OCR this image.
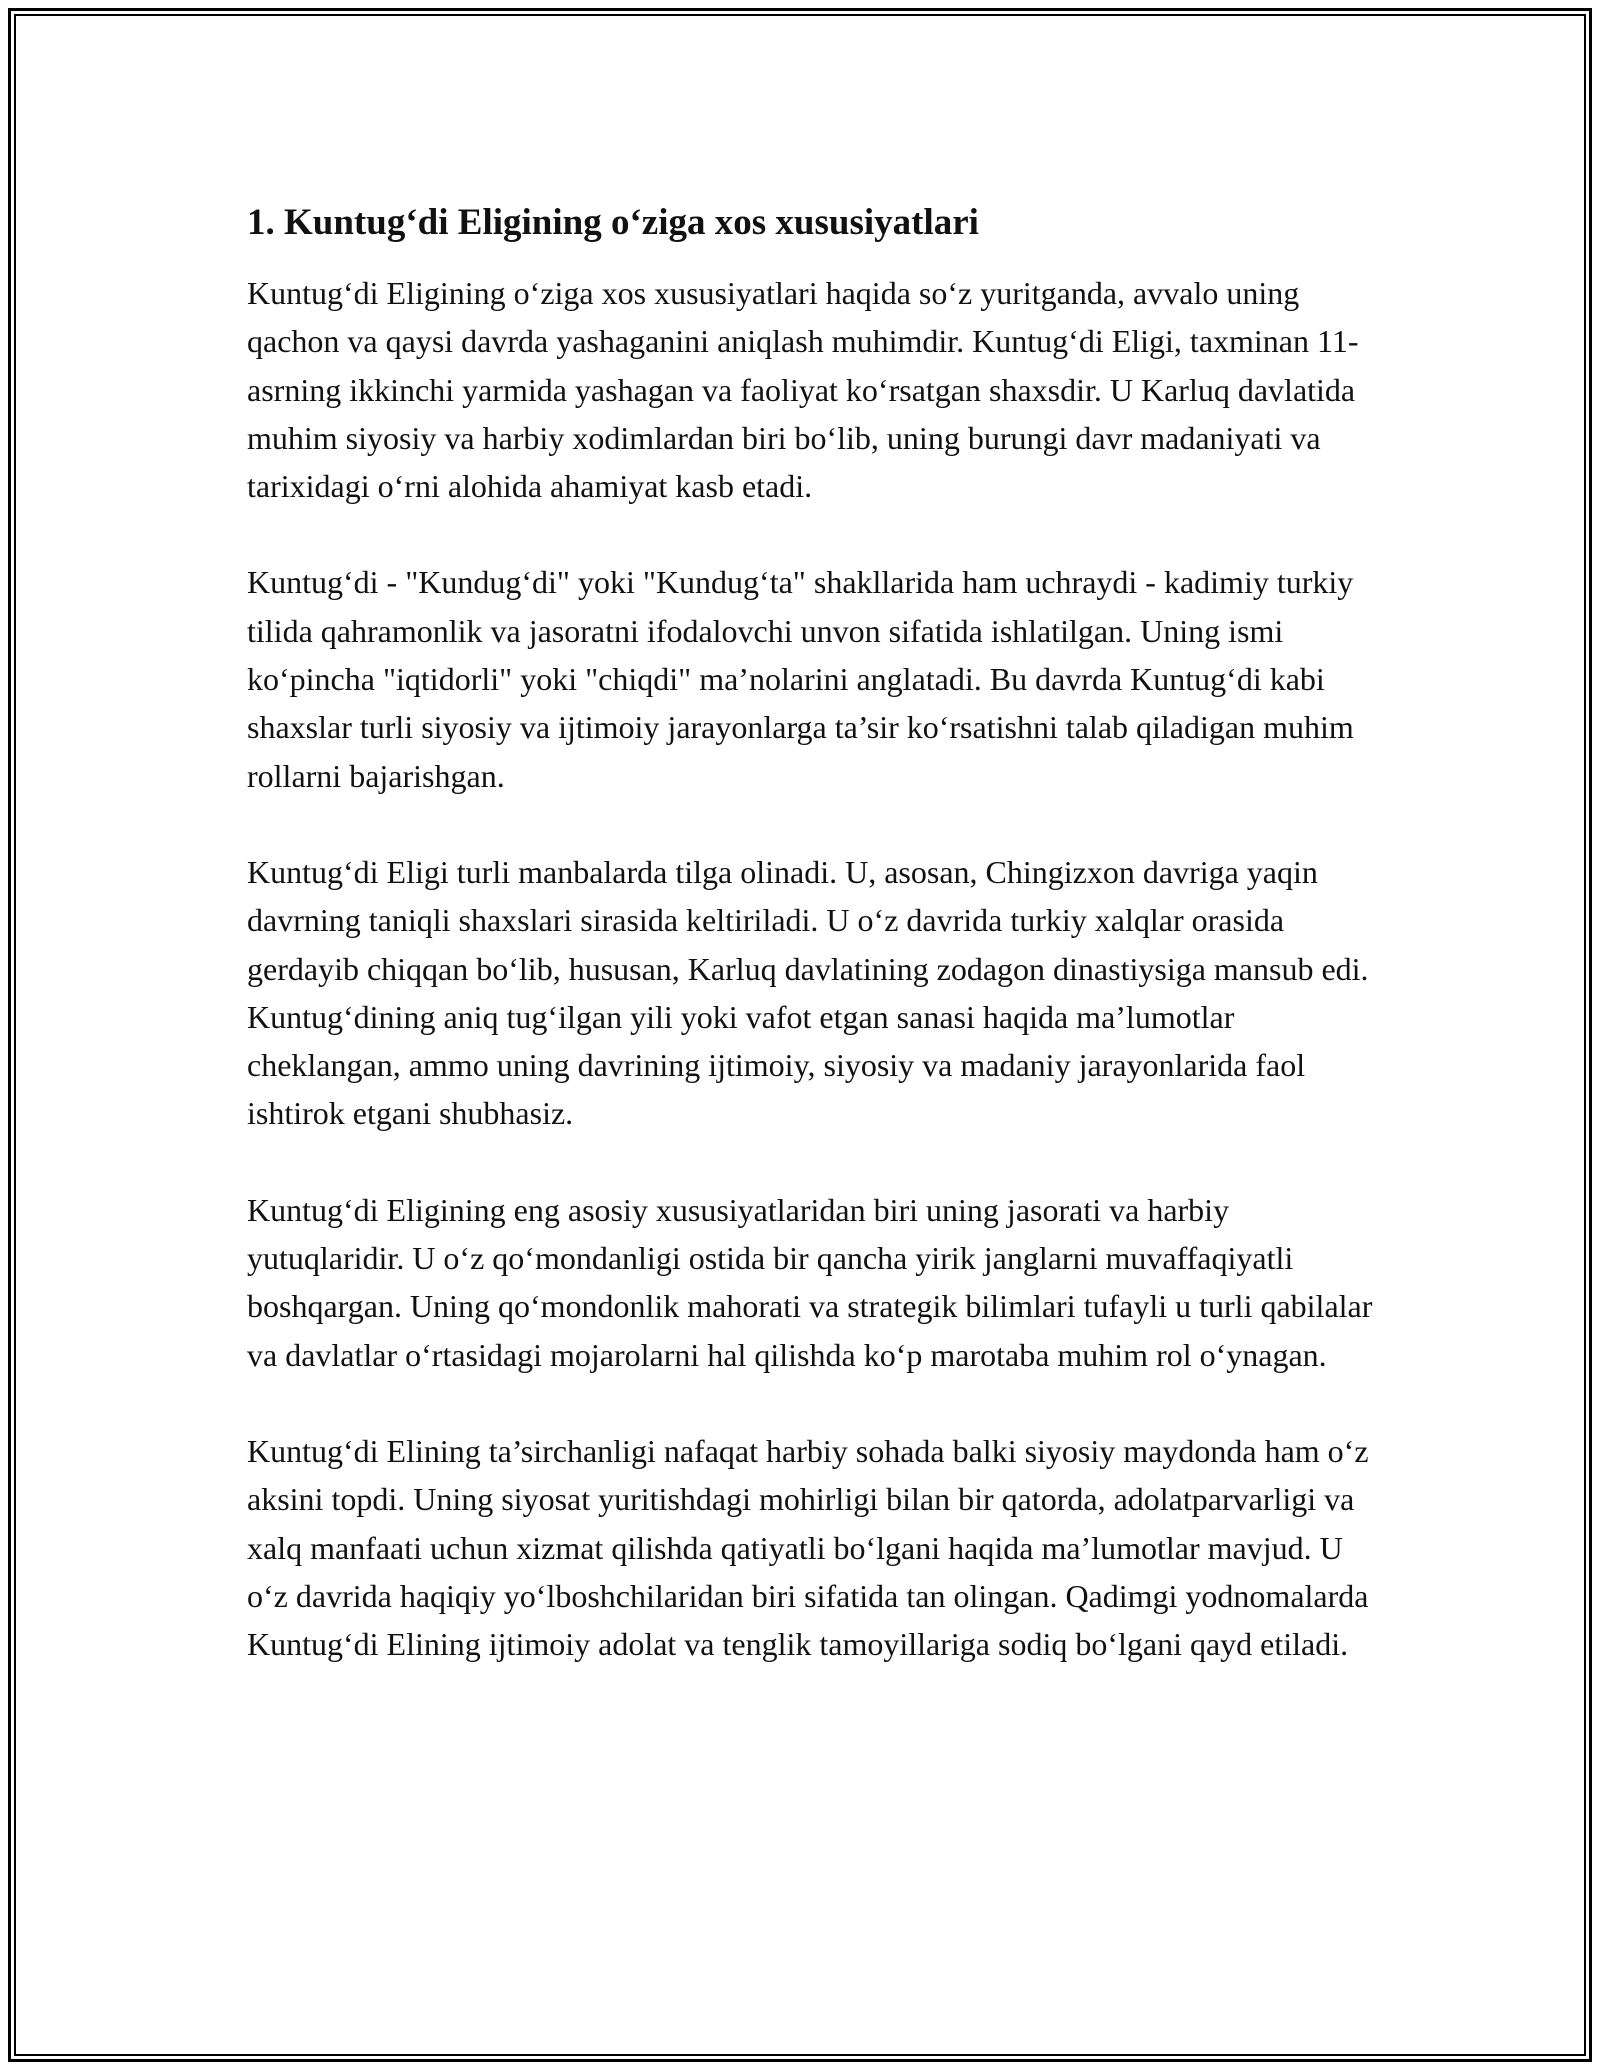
1. Kuntug‘di Eligining o‘ziga xos xususiyatlari

Kuntug‘di Eligining o‘ziga xos xususiyatlari haqida so‘z yuritganda, avvalo uning qachon va qaysi davrda yashaganini aniqlash muhimdir. Kuntug‘di Eligi, taxminan 11-asrning ikkinchi yarmida yashagan va faoliyat ko‘rsatgan shaxsdir. U Karluq davlatida muhim siyosiy va harbiy xodimlardan biri bo‘lib, uning burungi davr madaniyati va tarixidagi o‘rni alohida ahamiyat kasb etadi.

Kuntug‘di - "Kundug‘di" yoki "Kundug‘ta" shakllarida ham uchraydi - kadimiy turkiy tilida qahramonlik va jasoratni ifodalovchi unvon sifatida ishlatilgan. Uning ismi ko‘pincha "iqtidorli" yoki "chiqdi" ma’nolarini anglatadi. Bu davrda Kuntug‘di kabi shaxslar turli siyosiy va ijtimoiy jarayonlarga ta’sir ko‘rsatishni talab qiladigan muhim rollarni bajarishgan.

Kuntug‘di Eligi turli manbalarda tilga olinadi. U, asosan, Chingizxon davriga yaqin davrning taniqli shaxslari sirasida keltiriladi. U o‘z davrida turkiy xalqlar orasida gerdayib chiqqan bo‘lib, hususan, Karluq davlatining zodagon dinastiysiga mansub edi. Kuntug‘dining aniq tug‘ilgan yili yoki vafot etgan sanasi haqida ma’lumotlar cheklangan, ammo uning davrining ijtimoiy, siyosiy va madaniy jarayonlarida faol ishtirok etgani shubhasiz.

Kuntug‘di Eligining eng asosiy xususiyatlaridan biri uning jasorati va harbiy yutuqlaridir. U o‘z qo‘mondanligi ostida bir qancha yirik janglarni muvaffaqiyatli boshqargan. Uning qo‘mondonlik mahorati va strategik bilimlari tufayli u turli qabilalar va davlatlar o‘rtasidagi mojarolarni hal qilishda ko‘p marotaba muhim rol o‘ynagan.

Kuntug‘di Elining ta’sirchanligi nafaqat harbiy sohada balki siyosiy maydonda ham o‘z aksini topdi. Uning siyosat yuritishdagi mohirligi bilan bir qatorda, adolatparvarligi va xalq manfaati uchun xizmat qilishda qatiyatli bo‘lgani haqida ma’lumotlar mavjud. U o‘z davrida haqiqiy yo‘lboshchilaridan biri sifatida tan olingan. Qadimgi yodnomalarda Kuntug‘di Elining ijtimoiy adolat va tenglik tamoyillariga sodiq bo‘lgani qayd etiladi.
